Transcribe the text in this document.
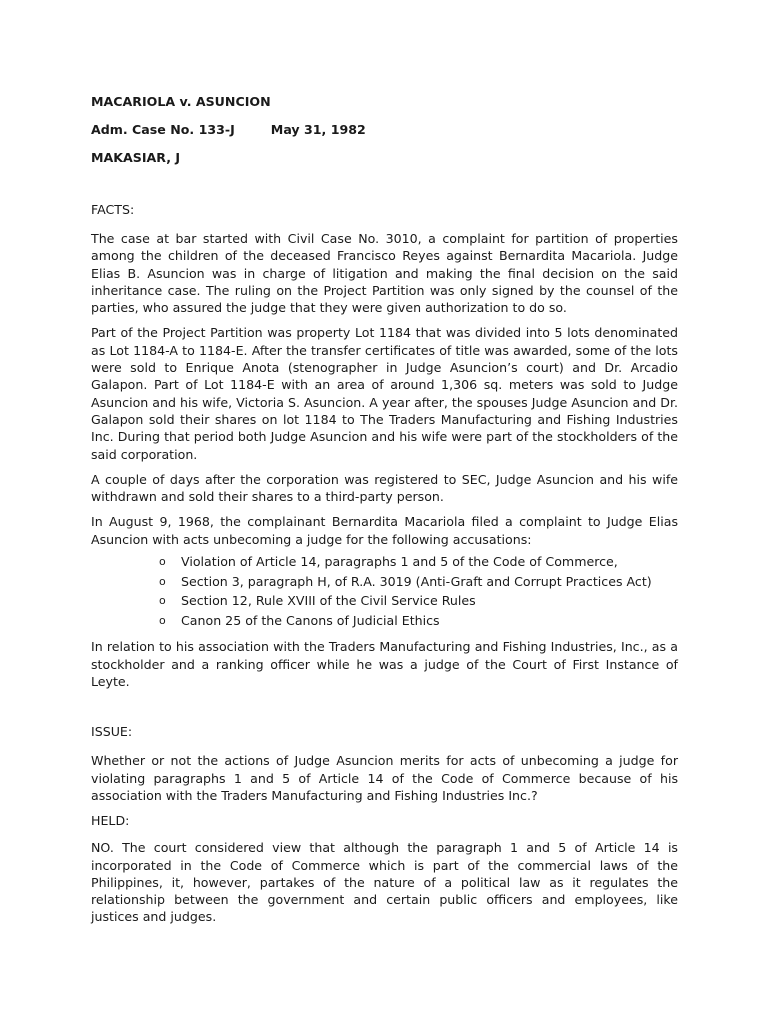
MACARIOLA v. ASUNCION
Adm. Case No. 133-J	May 31, 1982
MAKASIAR, J
FACTS:

The case at bar started with Civil Case No. 3010, a complaint for partition of properties among the children of the deceased Francisco Reyes against Bernardita Macariola. Judge Elias B. Asuncion was in charge of litigation and making the final decision on the said inheritance case. The ruling on the Project Partition was only signed by the counsel of the parties, who assured the judge that they were given authorization to do so.

Part of the Project Partition was property Lot 1184 that was divided into 5 lots denominated as Lot 1184-A to 1184-E. After the transfer certificates of title was awarded, some of the lots were sold to Enrique Anota (stenographer in Judge Asuncion’s court) and Dr. Arcadio Galapon. Part of Lot 1184-E with an area of around 1,306 sq. meters was sold to Judge Asuncion and his wife, Victoria S. Asuncion. A year after, the spouses Judge Asuncion and Dr. Galapon sold their shares on lot 1184 to The Traders Manufacturing and Fishing Industries Inc. During that period both Judge Asuncion and his wife were part of the stockholders of the said corporation.

A couple of days after the corporation was registered to SEC, Judge Asuncion and his wife withdrawn and sold their shares to a third-party person.

In August 9, 1968, the complainant Bernardita Macariola filed a complaint to Judge Elias Asuncion with acts unbecoming a judge for the following accusations:

o Violation of Article 14, paragraphs 1 and 5 of the Code of Commerce,
o Section 3, paragraph H, of R.A. 3019 (Anti-Graft and Corrupt Practices Act)
o Section 12, Rule XVIII of the Civil Service Rules
o Canon 25 of the Canons of Judicial Ethics

In relation to his association with the Traders Manufacturing and Fishing Industries, Inc., as a stockholder and a ranking officer while he was a judge of the Court of First Instance of Leyte.

ISSUE:

Whether or not the actions of Judge Asuncion merits for acts of unbecoming a judge for violating paragraphs 1 and 5 of Article 14 of the Code of Commerce because of his association with the Traders Manufacturing and Fishing Industries Inc.?

HELD:

NO. The court considered view that although the paragraph 1 and 5 of Article 14 is incorporated in the Code of Commerce which is part of the commercial laws of the Philippines, it, however, partakes of the nature of a political law as it regulates the relationship between the government and certain public officers and employees, like justices and judges.
